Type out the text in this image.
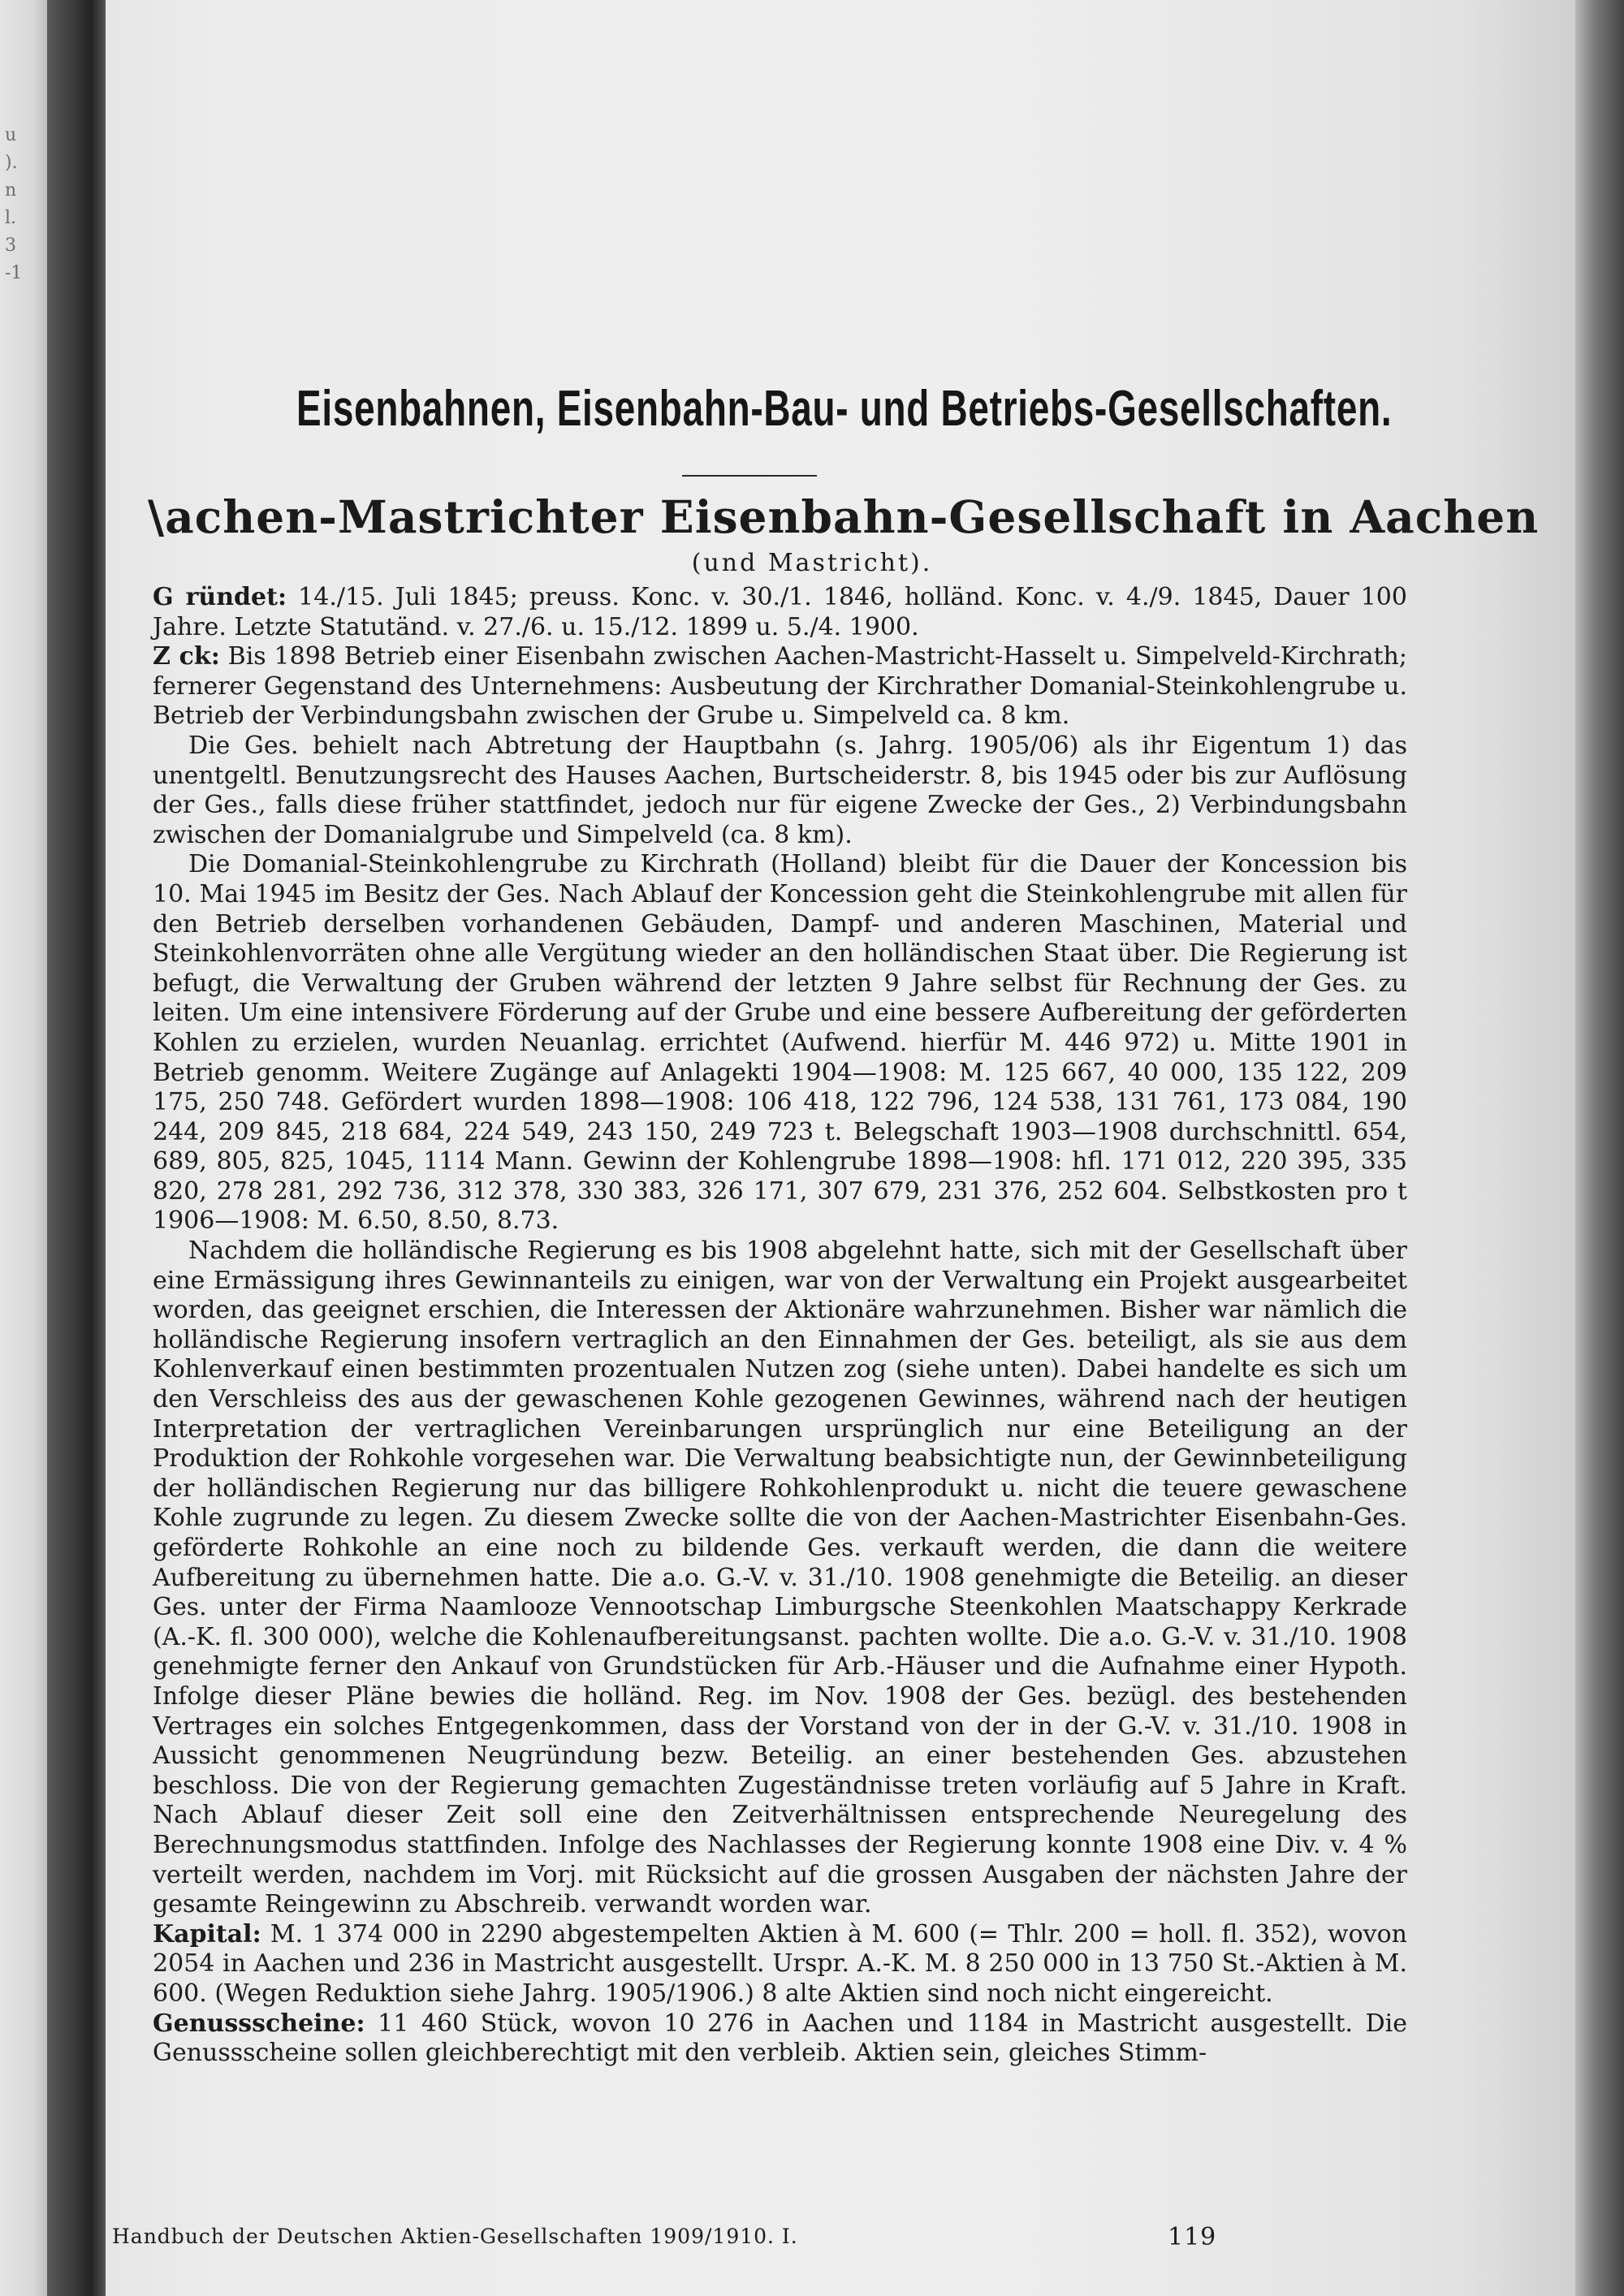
u
).
n
l.
3
-1
Eisenbahnen, Eisenbahn-Bau- und Betriebs-Gesellschaften.
\achen-Mastrichter Eisenbahn-Gesellschaft in Aachen
(und Mastricht).

G ründet: 14./15. Juli 1845; preuss. Konc. v. 30./1. 1846, holländ. Konc. v. 4./9. 1845, Dauer 100 Jahre. Letzte Statutänd. v. 27./6. u. 15./12. 1899 u. 5./4. 1900.

Z ck: Bis 1898 Betrieb einer Eisenbahn zwischen Aachen-Mastricht-Hasselt u. Simpelveld-Kirchrath; fernerer Gegenstand des Unternehmens: Ausbeutung der Kirchrather Domanial-Steinkohlengrube u. Betrieb der Verbindungsbahn zwischen der Grube u. Simpelveld ca. 8 km.

Die Ges. behielt nach Abtretung der Hauptbahn (s. Jahrg. 1905/06) als ihr Eigentum 1) das unentgeltl. Benutzungsrecht des Hauses Aachen, Burtscheiderstr. 8, bis 1945 oder bis zur Auflösung der Ges., falls diese früher stattfindet, jedoch nur für eigene Zwecke der Ges., 2) Verbindungsbahn zwischen der Domanialgrube und Simpelveld (ca. 8 km).

Die Domanial-Steinkohlengrube zu Kirchrath (Holland) bleibt für die Dauer der Koncession bis 10. Mai 1945 im Besitz der Ges. Nach Ablauf der Koncession geht die Steinkohlengrube mit allen für den Betrieb derselben vorhandenen Gebäuden, Dampf- und anderen Maschinen, Material und Steinkohlenvorräten ohne alle Vergütung wieder an den holländischen Staat über. Die Regierung ist befugt, die Verwaltung der Gruben während der letzten 9 Jahre selbst für Rechnung der Ges. zu leiten. Um eine intensivere Förderung auf der Grube und eine bessere Aufbereitung der geförderten Kohlen zu erzielen, wurden Neuanlag. errichtet (Aufwend. hierfür M. 446 972) u. Mitte 1901 in Betrieb genomm. Weitere Zugänge auf Anlagekti 1904—1908: M. 125 667, 40 000, 135 122, 209 175, 250 748. Gefördert wurden 1898—1908: 106 418, 122 796, 124 538, 131 761, 173 084, 190 244, 209 845, 218 684, 224 549, 243 150, 249 723 t. Belegschaft 1903—1908 durchschnittl. 654, 689, 805, 825, 1045, 1114 Mann. Gewinn der Kohlengrube 1898—1908: hfl. 171 012, 220 395, 335 820, 278 281, 292 736, 312 378, 330 383, 326 171, 307 679, 231 376, 252 604. Selbstkosten pro t 1906—1908: M. 6.50, 8.50, 8.73.

Nachdem die holländische Regierung es bis 1908 abgelehnt hatte, sich mit der Gesellschaft über eine Ermässigung ihres Gewinnanteils zu einigen, war von der Verwaltung ein Projekt ausgearbeitet worden, das geeignet erschien, die Interessen der Aktionäre wahrzunehmen. Bisher war nämlich die holländische Regierung insofern vertraglich an den Einnahmen der Ges. beteiligt, als sie aus dem Kohlenverkauf einen bestimmten prozentualen Nutzen zog (siehe unten). Dabei handelte es sich um den Verschleiss des aus der gewaschenen Kohle gezogenen Gewinnes, während nach der heutigen Interpretation der vertraglichen Vereinbarungen ursprünglich nur eine Beteiligung an der Produktion der Rohkohle vorgesehen war. Die Verwaltung beabsichtigte nun, der Gewinnbeteiligung der holländischen Regierung nur das billigere Rohkohlenprodukt u. nicht die teuere gewaschene Kohle zugrunde zu legen. Zu diesem Zwecke sollte die von der Aachen-Mastrichter Eisenbahn-Ges. geförderte Rohkohle an eine noch zu bildende Ges. verkauft werden, die dann die weitere Aufbereitung zu übernehmen hatte. Die a.o. G.-V. v. 31./10. 1908 genehmigte die Beteilig. an dieser Ges. unter der Firma Naamlooze Vennootschap Limburgsche Steenkohlen Maatschappy Kerkrade (A.-K. fl. 300 000), welche die Kohlenaufbereitungsanst. pachten wollte. Die a.o. G.-V. v. 31./10. 1908 genehmigte ferner den Ankauf von Grundstücken für Arb.-Häuser und die Aufnahme einer Hypoth. Infolge dieser Pläne bewies die holländ. Reg. im Nov. 1908 der Ges. bezügl. des bestehenden Vertrages ein solches Entgegenkommen, dass der Vorstand von der in der G.-V. v. 31./10. 1908 in Aussicht genommenen Neugründung bezw. Beteilig. an einer bestehenden Ges. abzustehen beschloss. Die von der Regierung gemachten Zugeständnisse treten vorläufig auf 5 Jahre in Kraft. Nach Ablauf dieser Zeit soll eine den Zeitverhältnissen entsprechende Neuregelung des Berechnungsmodus stattfinden. Infolge des Nachlasses der Regierung konnte 1908 eine Div. v. 4 % verteilt werden, nachdem im Vorj. mit Rücksicht auf die grossen Ausgaben der nächsten Jahre der gesamte Reingewinn zu Abschreib. verwandt worden war.

Kapital: M. 1 374 000 in 2290 abgestempelten Aktien à M. 600 (= Thlr. 200 = holl. fl. 352), wovon 2054 in Aachen und 236 in Mastricht ausgestellt. Urspr. A.-K. M. 8 250 000 in 13 750 St.-Aktien à M. 600. (Wegen Reduktion siehe Jahrg. 1905/1906.) 8 alte Aktien sind noch nicht eingereicht.

Genussscheine: 11 460 Stück, wovon 10 276 in Aachen und 1184 in Mastricht ausgestellt. Die Genussscheine sollen gleichberechtigt mit den verbleib. Aktien sein, gleiches Stimm-

Handbuch der Deutschen Aktien-Gesellschaften 1909/1910. I.	119
